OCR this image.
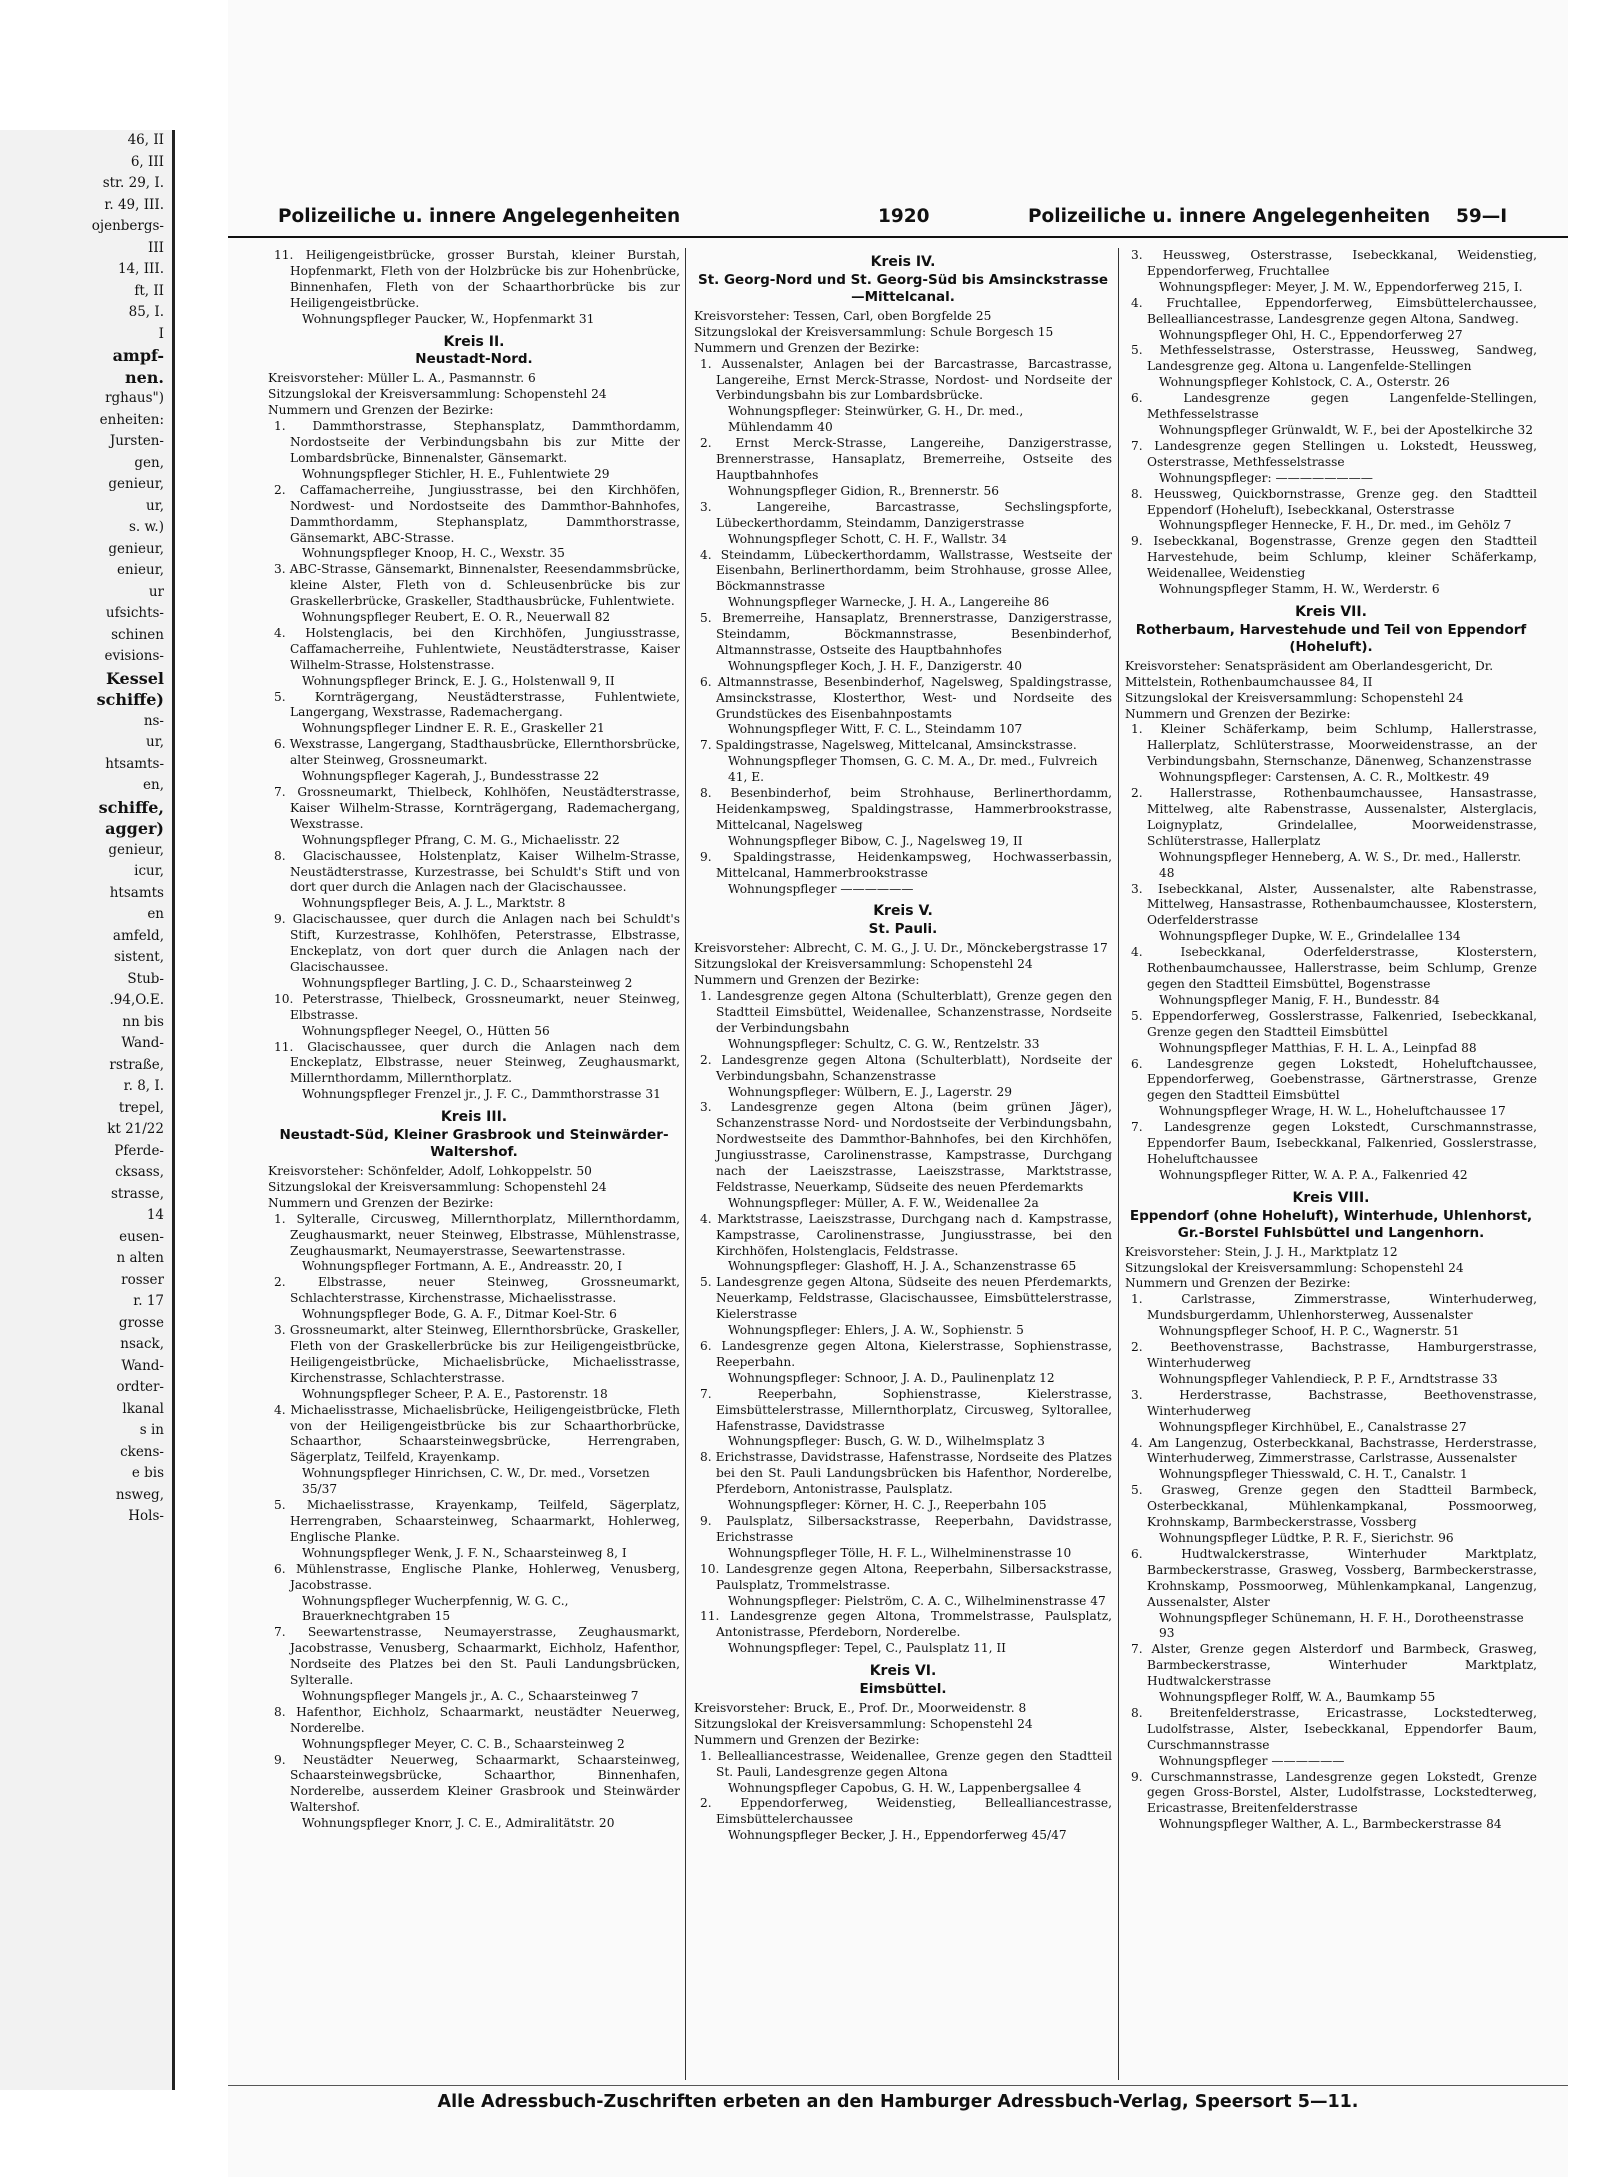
46, II
6, III
str. 29, I.
r. 49, III.
ojenbergs-
III
14, III.
ft, II
85, I.
I
ampf-
nen.
rghaus")
enheiten:
Jursten-
gen,
genieur,
ur,
s. w.)
genieur,
enieur,
ur
ufsichts-
schinen
evisions-
Kessel
schiffe)
ns-
ur,
htsamts-
en,
schiffe,
agger)
genieur,
icur,
htsamts
en
amfeld,
sistent,
Stub-
.94,O.E.
nn bis
Wand-
rstraße,
r. 8, I.
trepel,
kt 21/22
Pferde-
cksass,
strasse,
14
eusen-
n alten
rosser
r. 17
grosse
nsack,
Wand-
ordter-
lkanal
s in
ckens-
e bis
nsweg,
Hols-
Polizeiliche u. innere Angelegenheiten	1920	Polizeiliche u. innere Angelegenheiten 59—I
11. Heiligengeistbrücke, grosser Burstah, kleiner Burstah, Hopfenmarkt, Fleth von der Holzbrücke bis zur Hohenbrücke, Binnenhafen, Fleth von der Schaarthorbrücke bis zur Heiligengeistbrücke.
Wohnungspfleger Paucker, W., Hopfenmarkt 31
Kreis II.
Neustadt-Nord.
Kreisvorsteher: Müller L. A., Pasmannstr. 6
Sitzungslokal der Kreisversammlung: Schopenstehl 24
Nummern und Grenzen der Bezirke:
1. Dammthorstrasse, Stephansplatz, Dammthordamm, Nordostseite der Verbindungsbahn bis zur Mitte der Lombardsbrücke, Binnenalster, Gänsemarkt.
Wohnungspfleger Stichler, H. E., Fuhlentwiete 29
2. Caffamacherreihe, Jungiusstrasse, bei den Kirchhöfen, Nordwest- und Nordostseite des Dammthor-Bahnhofes, Dammthordamm, Stephansplatz, Dammthorstrasse, Gänsemarkt, ABC-Strasse.
Wohnungspfleger Knoop, H. C., Wexstr. 35
3. ABC-Strasse, Gänsemarkt, Binnenalster, Reesendammsbrücke, kleine Alster, Fleth von d. Schleusenbrücke bis zur Graskellerbrücke, Graskeller, Stadthausbrücke, Fuhlentwiete.
Wohnungspfleger Reubert, E. O. R., Neuerwall 82
4. Holstenglacis, bei den Kirchhöfen, Jungiusstrasse, Caffamacherreihe, Fuhlentwiete, Neustädterstrasse, Kaiser Wilhelm-Strasse, Holstenstrasse.
Wohnungspfleger Brinck, E. J. G., Holstenwall 9, II
5. Kornträgergang, Neustädterstrasse, Fuhlentwiete, Langergang, Wexstrasse, Rademachergang.
Wohnungspfleger Lindner E. R. E., Graskeller 21
6. Wexstrasse, Langergang, Stadthausbrücke, Ellernthorsbrücke, alter Steinweg, Grossneumarkt.
Wohnungspfleger Kagerah, J., Bundesstrasse 22
7. Grossneumarkt, Thielbeck, Kohlhöfen, Neustädterstrasse, Kaiser Wilhelm-Strasse, Kornträgergang, Rademachergang, Wexstrasse.
Wohnungspfleger Pfrang, C. M. G., Michaelisstr. 22
8. Glacischaussee, Holstenplatz, Kaiser Wilhelm-Strasse, Neustädterstrasse, Kurzestrasse, bei Schuldt's Stift und von dort quer durch die Anlagen nach der Glacischaussee.
Wohnungspfleger Beis, A. J. L., Marktstr. 8
9. Glacischaussee, quer durch die Anlagen nach bei Schuldt's Stift, Kurzestrasse, Kohlhöfen, Peterstrasse, Elbstrasse, Enckeplatz, von dort quer durch die Anlagen nach der Glacischaussee.
Wohnungspfleger Bartling, J. C. D., Schaarsteinweg 2
10. Peterstrasse, Thielbeck, Grossneumarkt, neuer Steinweg, Elbstrasse.
Wohnungspfleger Neegel, O., Hütten 56
11. Glacischaussee, quer durch die Anlagen nach dem Enckeplatz, Elbstrasse, neuer Steinweg, Zeughausmarkt, Millernthordamm, Millernthorplatz.
Wohnungspfleger Frenzel jr., J. F. C., Dammthorstrasse 31
Kreis III.
Neustadt-Süd, Kleiner Grasbrook und Steinwärder-Waltershof.
Kreisvorsteher: Schönfelder, Adolf, Lohkoppelstr. 50
Sitzungslokal der Kreisversammlung: Schopenstehl 24
Nummern und Grenzen der Bezirke:
1. Sylteralle, Circusweg, Millernthorplatz, Millernthordamm, Zeughausmarkt, neuer Steinweg, Elbstrasse, Mühlenstrasse, Zeughausmarkt, Neumayerstrasse, Seewartenstrasse.
Wohnungspfleger Fortmann, A. E., Andreasstr. 20, I
2. Elbstrasse, neuer Steinweg, Grossneumarkt, Schlachterstrasse, Kirchenstrasse, Michaelisstrasse.
Wohnungspfleger Bode, G. A. F., Ditmar Koel-Str. 6
3. Grossneumarkt, alter Steinweg, Ellernthorsbrücke, Graskeller, Fleth von der Graskellerbrücke bis zur Heiligengeistbrücke, Heiligengeistbrücke, Michaelisbrücke, Michaelisstrasse, Kirchenstrasse, Schlachterstrasse.
Wohnungspfleger Scheer, P. A. E., Pastorenstr. 18
4. Michaelisstrasse, Michaelisbrücke, Heiligengeistbrücke, Fleth von der Heiligengeistbrücke bis zur Schaarthorbrücke, Schaarthor, Schaarsteinwegsbrücke, Herrengraben, Sägerplatz, Teilfeld, Krayenkamp.
Wohnungspfleger Hinrichsen, C. W., Dr. med., Vorsetzen 35/37
5. Michaelisstrasse, Krayenkamp, Teilfeld, Sägerplatz, Herrengraben, Schaarsteinweg, Schaarmarkt, Hohlerweg, Englische Planke.
Wohnungspfleger Wenk, J. F. N., Schaarsteinweg 8, I
6. Mühlenstrasse, Englische Planke, Hohlerweg, Venusberg, Jacobstrasse.
Wohnungspfleger Wucherpfennig, W. G. C., Brauerknechtgraben 15
7. Seewartenstrasse, Neumayerstrasse, Zeughausmarkt, Jacobstrasse, Venusberg, Schaarmarkt, Eichholz, Hafenthor, Nordseite des Platzes bei den St. Pauli Landungsbrücken, Sylteralle.
Wohnungspfleger Mangels jr., A. C., Schaarsteinweg 7
8. Hafenthor, Eichholz, Schaarmarkt, neustädter Neuerweg, Norderelbe.
Wohnungspfleger Meyer, C. C. B., Schaarsteinweg 2
9. Neustädter Neuerweg, Schaarmarkt, Schaarsteinweg, Schaarsteinwegsbrücke, Schaarthor, Binnenhafen, Norderelbe, ausserdem Kleiner Grasbrook und Steinwärder Waltershof.
Wohnungspfleger Knorr, J. C. E., Admiralitätstr. 20
Kreis IV.
St. Georg-Nord und St. Georg-Süd bis Amsinckstrasse—Mittelcanal.
Kreisvorsteher: Tessen, Carl, oben Borgfelde 25
Sitzungslokal der Kreisversammlung: Schule Borgesch 15
Nummern und Grenzen der Bezirke:
1. Aussenalster, Anlagen bei der Barcastrasse, Barcastrasse, Langereihe, Ernst Merck-Strasse, Nordost- und Nordseite der Verbindungsbahn bis zur Lombardsbrücke.
Wohnungspfleger: Steinwürker, G. H., Dr. med., Mühlendamm 40
2. Ernst Merck-Strasse, Langereihe, Danzigerstrasse, Brennerstrasse, Hansaplatz, Bremerreihe, Ostseite des Hauptbahnhofes
Wohnungspfleger Gidion, R., Brennerstr. 56
3. Langereihe, Barcastrasse, Sechslingspforte, Lübeckerthordamm, Steindamm, Danzigerstrasse
Wohnungspfleger Schott, C. H. F., Wallstr. 34
4. Steindamm, Lübeckerthordamm, Wallstrasse, Westseite der Eisenbahn, Berlinerthordamm, beim Strohhause, grosse Allee, Böckmannstrasse
Wohnungspfleger Warnecke, J. H. A., Langereihe 86
5. Bremerreihe, Hansaplatz, Brennerstrasse, Danzigerstrasse, Steindamm, Böckmannstrasse, Besenbinderhof, Altmannstrasse, Ostseite des Hauptbahnhofes
Wohnungspfleger Koch, J. H. F., Danzigerstr. 40
6. Altmannstrasse, Besenbinderhof, Nagelsweg, Spaldingstrasse, Amsinckstrasse, Klosterthor, West- und Nordseite des Grundstückes des Eisenbahnpostamts
Wohnungspfleger Witt, F. C. L., Steindamm 107
7. Spaldingstrasse, Nagelsweg, Mittelcanal, Amsinckstrasse.
Wohnungspfleger Thomsen, G. C. M. A., Dr. med., Fulvreich 41, E.
8. Besenbinderhof, beim Strohhause, Berlinerthordamm, Heidenkampsweg, Spaldingstrasse, Hammerbrookstrasse, Mittelcanal, Nagelsweg
Wohnungspfleger Bibow, C. J., Nagelsweg 19, II
9. Spaldingstrasse, Heidenkampsweg, Hochwasserbassin, Mittelcanal, Hammerbrookstrasse
Wohnungspfleger ——————
Kreis V.
St. Pauli.
Kreisvorsteher: Albrecht, C. M. G., J. U. Dr., Mönckebergstrasse 17
Sitzungslokal der Kreisversammlung: Schopenstehl 24
Nummern und Grenzen der Bezirke:
1. Landesgrenze gegen Altona (Schulterblatt), Grenze gegen den Stadtteil Eimsbüttel, Weidenallee, Schanzenstrasse, Nordseite der Verbindungsbahn
Wohnungspfleger: Schultz, C. G. W., Rentzelstr. 33
2. Landesgrenze gegen Altona (Schulterblatt), Nordseite der Verbindungsbahn, Schanzenstrasse
Wohnungspfleger: Wülbern, E. J., Lagerstr. 29
3. Landesgrenze gegen Altona (beim grünen Jäger), Schanzenstrasse Nord- und Nordostseite der Verbindungsbahn, Nordwestseite des Dammthor-Bahnhofes, bei den Kirchhöfen, Jungiusstrasse, Carolinenstrasse, Kampstrasse, Durchgang nach der Laeiszstrasse, Laeiszstrasse, Marktstrasse, Feldstrasse, Neuerkamp, Südseite des neuen Pferdemarkts
Wohnungspfleger: Müller, A. F. W., Weidenallee 2a
4. Marktstrasse, Laeiszstrasse, Durchgang nach d. Kampstrasse, Kampstrasse, Carolinenstrasse, Jungiusstrasse, bei den Kirchhöfen, Holstenglacis, Feldstrasse.
Wohnungspfleger: Glashoff, H. J. A., Schanzenstrasse 65
5. Landesgrenze gegen Altona, Südseite des neuen Pferdemarkts, Neuerkamp, Feldstrasse, Glacischaussee, Eimsbüttelerstrasse, Kielerstrasse
Wohnungspfleger: Ehlers, J. A. W., Sophienstr. 5
6. Landesgrenze gegen Altona, Kielerstrasse, Sophienstrasse, Reeperbahn.
Wohnungspfleger: Schnoor, J. A. D., Paulinenplatz 12
7. Reeperbahn, Sophienstrasse, Kielerstrasse, Eimsbüttelerstrasse, Millernthorplatz, Circusweg, Syltorallee, Hafenstrasse, Davidstrasse
Wohnungspfleger: Busch, G. W. D., Wilhelmsplatz 3
8. Erichstrasse, Davidstrasse, Hafenstrasse, Nordseite des Platzes bei den St. Pauli Landungsbrücken bis Hafenthor, Norderelbe, Pferdeborn, Antonistrasse, Paulsplatz.
Wohnungspfleger: Körner, H. C. J., Reeperbahn 105
9. Paulsplatz, Silbersackstrasse, Reeperbahn, Davidstrasse, Erichstrasse
Wohnungspfleger Tölle, H. F. L., Wilhelminenstrasse 10
10. Landesgrenze gegen Altona, Reeperbahn, Silbersackstrasse, Paulsplatz, Trommelstrasse.
Wohnungspfleger: Pielström, C. A. C., Wilhelminenstrasse 47
11. Landesgrenze gegen Altona, Trommelstrasse, Paulsplatz, Antonistrasse, Pferdeborn, Norderelbe.
Wohnungspfleger: Tepel, C., Paulsplatz 11, II
Kreis VI.
Eimsbüttel.
Kreisvorsteher: Bruck, E., Prof. Dr., Moorweidenstr. 8
Sitzungslokal der Kreisversammlung: Schopenstehl 24
Nummern und Grenzen der Bezirke:
1. Bellealliancestrasse, Weidenallee, Grenze gegen den Stadtteil St. Pauli, Landesgrenze gegen Altona
Wohnungspfleger Capobus, G. H. W., Lappenbergsallee 4
2. Eppendorferweg, Weidenstieg, Bellealliancestrasse, Eimsbüttelerchaussee
Wohnungspfleger Becker, J. H., Eppendorferweg 45/47
3. Heussweg, Osterstrasse, Isebeckkanal, Weidenstieg, Eppendorferweg, Fruchtallee
Wohnungspfleger: Meyer, J. M. W., Eppendorferweg 215, I.
4. Fruchtallee, Eppendorferweg, Eimsbüttelerchaussee, Bellealliancestrasse, Landesgrenze gegen Altona, Sandweg.
Wohnungspfleger Ohl, H. C., Eppendorferweg 27
5. Methfesselstrasse, Osterstrasse, Heussweg, Sandweg, Landesgrenze geg. Altona u. Langenfelde-Stellingen
Wohnungspfleger Kohlstock, C. A., Osterstr. 26
6. Landesgrenze gegen Langenfelde-Stellingen, Methfesselstrasse
Wohnungspfleger Grünwaldt, W. F., bei der Apostelkirche 32
7. Landesgrenze gegen Stellingen u. Lokstedt, Heussweg, Osterstrasse, Methfesselstrasse
Wohnungspfleger: ————————
8. Heussweg, Quickbornstrasse, Grenze geg. den Stadtteil Eppendorf (Hoheluft), Isebeckkanal, Osterstrasse
Wohnungspfleger Hennecke, F. H., Dr. med., im Gehölz 7
9. Isebeckkanal, Bogenstrasse, Grenze gegen den Stadtteil Harvestehude, beim Schlump, kleiner Schäferkamp, Weidenallee, Weidenstieg
Wohnungspfleger Stamm, H. W., Werderstr. 6
Kreis VII.
Rotherbaum, Harvestehude und Teil von Eppendorf (Hoheluft).
Kreisvorsteher: Senatspräsident am Oberlandesgericht, Dr. Mittelstein, Rothenbaumchaussee 84, II
Sitzungslokal der Kreisversammlung: Schopenstehl 24
Nummern und Grenzen der Bezirke:
1. Kleiner Schäferkamp, beim Schlump, Hallerstrasse, Hallerplatz, Schlüterstrasse, Moorweidenstrasse, an der Verbindungsbahn, Sternschanze, Dänenweg, Schanzenstrasse
Wohnungspfleger: Carstensen, A. C. R., Moltkestr. 49
2. Hallerstrasse, Rothenbaumchaussee, Hansastrasse, Mittelweg, alte Rabenstrasse, Aussenalster, Alsterglacis, Loignyplatz, Grindelallee, Moorweidenstrasse, Schlüterstrasse, Hallerplatz
Wohnungspfleger Henneberg, A. W. S., Dr. med., Hallerstr. 48
3. Isebeckkanal, Alster, Aussenalster, alte Rabenstrasse, Mittelweg, Hansastrasse, Rothenbaumchaussee, Klosterstern, Oderfelderstrasse
Wohnungspfleger Dupke, W. E., Grindelallee 134
4. Isebeckkanal, Oderfelderstrasse, Klosterstern, Rothenbaumchaussee, Hallerstrasse, beim Schlump, Grenze gegen den Stadtteil Eimsbüttel, Bogenstrasse
Wohnungspfleger Manig, F. H., Bundesstr. 84
5. Eppendorferweg, Gosslerstrasse, Falkenried, Isebeckkanal, Grenze gegen den Stadtteil Eimsbüttel
Wohnungspfleger Matthias, F. H. L. A., Leinpfad 88
6. Landesgrenze gegen Lokstedt, Hoheluftchaussee, Eppendorferweg, Goebenstrasse, Gärtnerstrasse, Grenze gegen den Stadtteil Eimsbüttel
Wohnungspfleger Wrage, H. W. L., Hoheluftchaussee 17
7. Landesgrenze gegen Lokstedt, Curschmannstrasse, Eppendorfer Baum, Isebeckkanal, Falkenried, Gosslerstrasse, Hoheluftchaussee
Wohnungspfleger Ritter, W. A. P. A., Falkenried 42
Kreis VIII.
Eppendorf (ohne Hoheluft), Winterhude, Uhlenhorst, Gr.-Borstel Fuhlsbüttel und Langenhorn.
Kreisvorsteher: Stein, J. J. H., Marktplatz 12
Sitzungslokal der Kreisversammlung: Schopenstehl 24
Nummern und Grenzen der Bezirke:
1. Carlstrasse, Zimmerstrasse, Winterhuderweg, Mundsburgerdamm, Uhlenhorsterweg, Aussenalster
Wohnungspfleger Schoof, H. P. C., Wagnerstr. 51
2. Beethovenstrasse, Bachstrasse, Hamburgerstrasse, Winterhuderweg
Wohnungspfleger Vahlendieck, P. P. F., Arndtstrasse 33
3. Herderstrasse, Bachstrasse, Beethovenstrasse, Winterhuderweg
Wohnungspfleger Kirchhübel, E., Canalstrasse 27
4. Am Langenzug, Osterbeckkanal, Bachstrasse, Herderstrasse, Winterhuderweg, Zimmerstrasse, Carlstrasse, Aussenalster
Wohnungspfleger Thiesswald, C. H. T., Canalstr. 1
5. Grasweg, Grenze gegen den Stadtteil Barmbeck, Osterbeckkanal, Mühlenkampkanal, Possmoorweg, Krohnskamp, Barmbeckerstrasse, Vossberg
Wohnungspfleger Lüdtke, P. R. F., Sierichstr. 96
6. Hudtwalckerstrasse, Winterhuder Marktplatz, Barmbeckerstrasse, Grasweg, Vossberg, Barmbeckerstrasse, Krohnskamp, Possmoorweg, Mühlenkampkanal, Langenzug, Aussenalster, Alster
Wohnungspfleger Schünemann, H. F. H., Dorotheenstrasse 93
7. Alster, Grenze gegen Alsterdorf und Barmbeck, Grasweg, Barmbeckerstrasse, Winterhuder Marktplatz, Hudtwalckerstrasse
Wohnungspfleger Rolff, W. A., Baumkamp 55
8. Breitenfelderstrasse, Ericastrasse, Lockstedterweg, Ludolfstrasse, Alster, Isebeckkanal, Eppendorfer Baum, Curschmannstrasse
Wohnungspfleger ——————
9. Curschmannstrasse, Landesgrenze gegen Lokstedt, Grenze gegen Gross-Borstel, Alster, Ludolfstrasse, Lockstedterweg, Ericastrasse, Breitenfelderstrasse
Wohnungspfleger Walther, A. L., Barmbeckerstrasse 84
Alle Adressbuch-Zuschriften erbeten an den Hamburger Adressbuch-Verlag, Speersort 5—11.
